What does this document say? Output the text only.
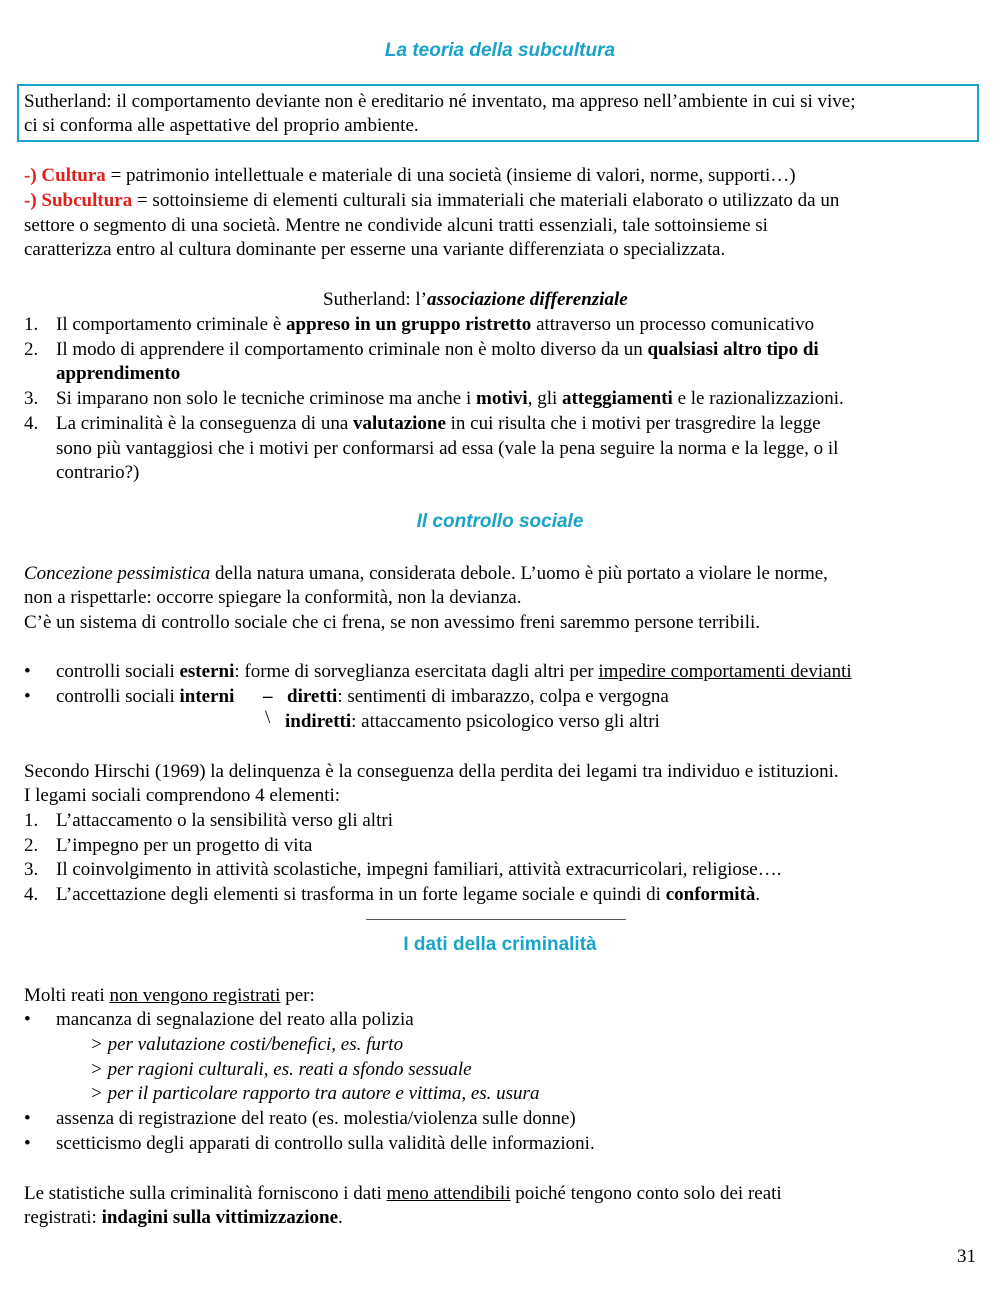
La teoria della subcultura
Sutherland: il comportamento deviante non è ereditario né inventato, ma appreso nell’ambiente in cui si vive;
ci si conforma alle aspettative del proprio ambiente.
-) Cultura = patrimonio intellettuale e materiale di una società (insieme di valori, norme, supporti…)
-) Subcultura = sottoinsieme di elementi culturali sia immateriali che materiali elaborato o utilizzato da un
settore o segmento di una società. Mentre ne condivide alcuni tratti essenziali, tale sottoinsieme si
caratterizza entro al cultura dominante per esserne una variante differenziata o specializzata.
Sutherland: l’associazione differenziale
1. Il comportamento criminale è appreso in un gruppo ristretto attraverso un processo comunicativo
2. Il modo di apprendere il comportamento criminale non è molto diverso da un qualsiasi altro tipo di
apprendimento
3. Si imparano non solo le tecniche criminose ma anche i motivi, gli atteggiamenti e le razionalizzazioni.
4. La criminalità è la conseguenza di una valutazione in cui risulta che i motivi per trasgredire la legge
sono più vantaggiosi che i motivi per conformarsi ad essa (vale la pena seguire la norma e la legge, o il
contrario?)
Il controllo sociale
Concezione pessimistica della natura umana, considerata debole. L’uomo è più portato a violare le norme,
non a rispettarle: occorre spiegare la conformità, non la devianza.
C’è un sistema di controllo sociale che ci frena, se non avessimo freni saremmo persone terribili.
• controlli sociali esterni: forme di sorveglianza esercitata dagli altri per impedire comportamenti devianti
• controlli sociali interni – diretti: sentimenti di imbarazzo, colpa e vergogna
\ indiretti: attaccamento psicologico verso gli altri
Secondo Hirschi (1969) la delinquenza è la conseguenza della perdita dei legami tra individuo e istituzioni.
I legami sociali comprendono 4 elementi:
1. L’attaccamento o la sensibilità verso gli altri
2. L’impegno per un progetto di vita
3. Il coinvolgimento in attività scolastiche, impegni familiari, attività extracurricolari, religiose….
4. L’accettazione degli elementi si trasforma in un forte legame sociale e quindi di conformità.
I dati della criminalità
Molti reati non vengono registrati per:
• mancanza di segnalazione del reato alla polizia
> per valutazione costi/benefici, es. furto
> per ragioni culturali, es. reati a sfondo sessuale
> per il particolare rapporto tra autore e vittima, es. usura
• assenza di registrazione del reato (es. molestia/violenza sulle donne)
• scetticismo degli apparati di controllo sulla validità delle informazioni.
Le statistiche sulla criminalità forniscono i dati meno attendibili poiché tengono conto solo dei reati
registrati: indagini sulla vittimizzazione.
31
